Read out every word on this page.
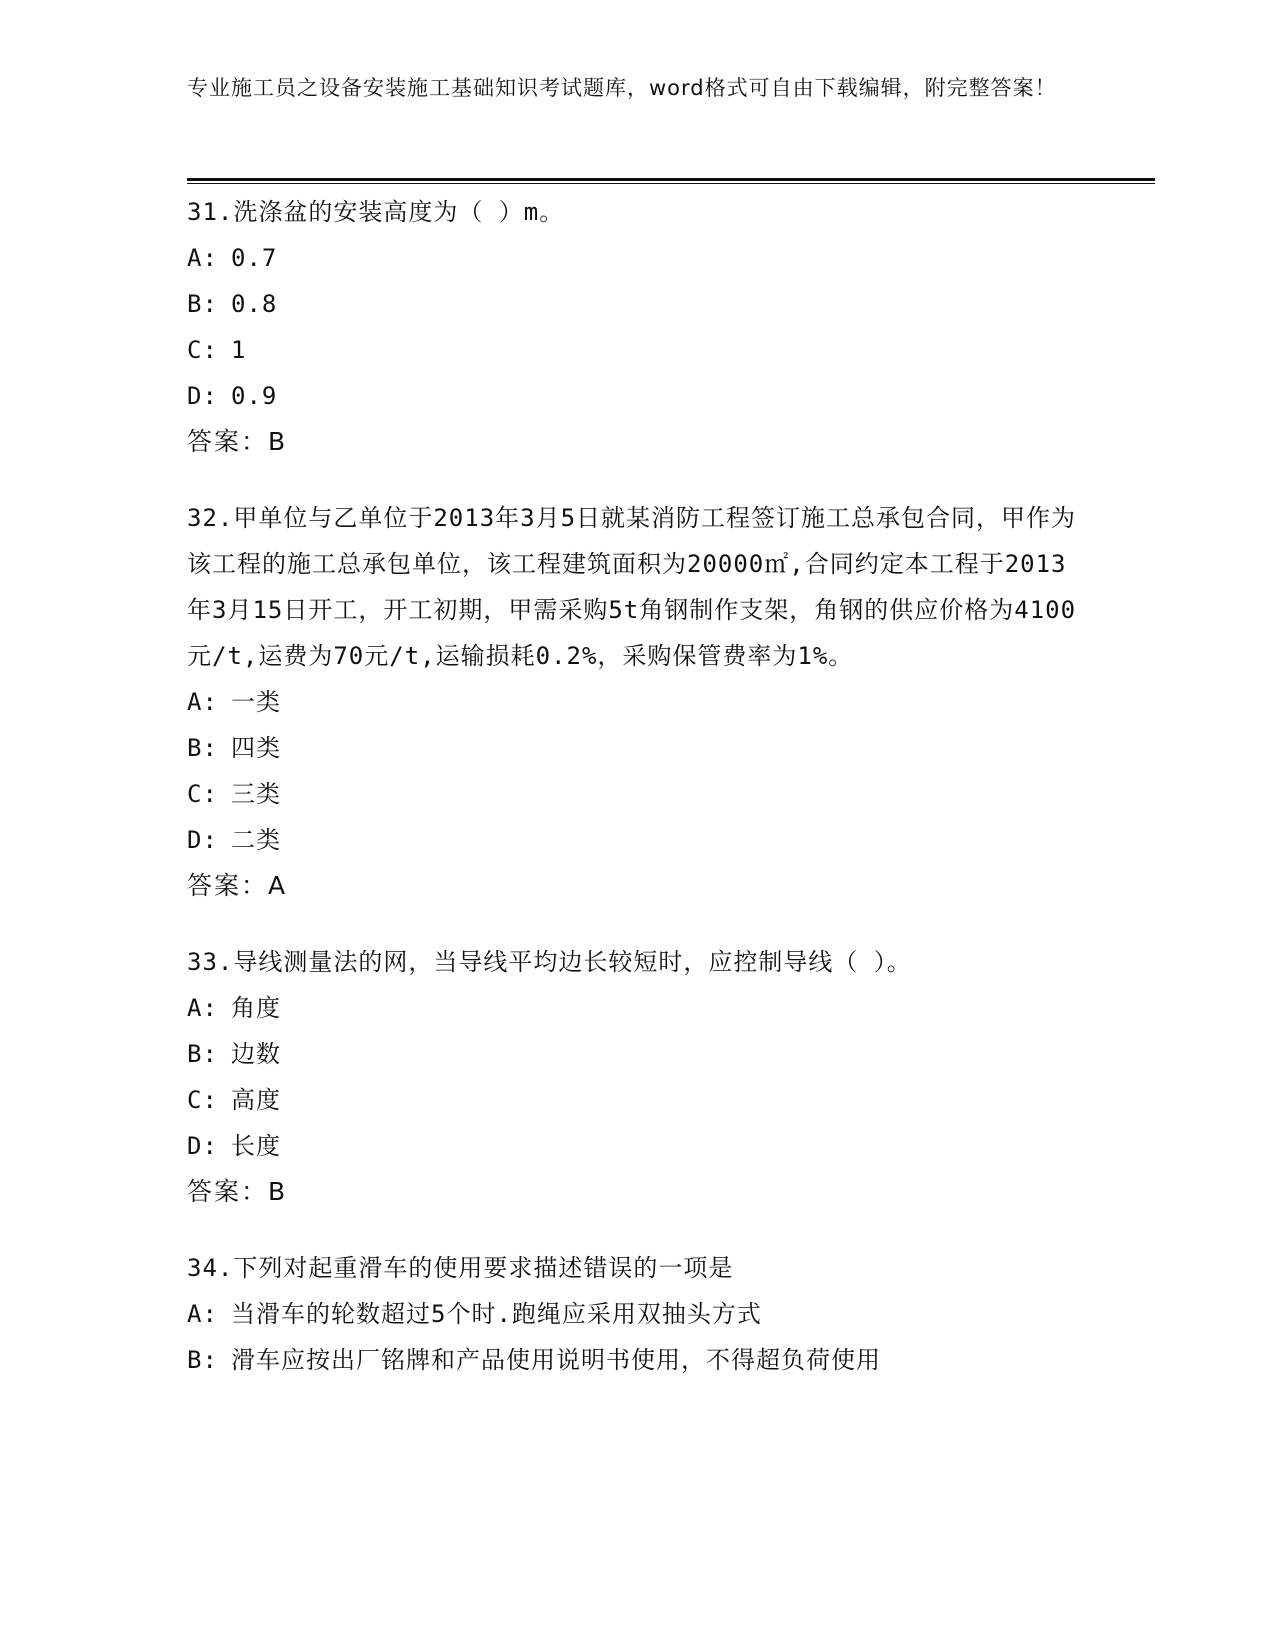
专业施工员之设备安装施工基础知识考试题库，word格式可自由下载编辑，附完整答案！

31.洗涤盆的安装高度为（ ）m。

A: 0.7

B: 0.8

C: 1

D: 0.9

答案：B

32.甲单位与乙单位于2013年3月5日就某消防工程签订施工总承包合同，甲作为该工程的施工总承包单位，该工程建筑面积为20000㎡,合同约定本工程于2013年3月15日开工，开工初期，甲需采购5t角钢制作支架，角钢的供应价格为4100元/t,运费为70元/t,运输损耗0.2%，采购保管费率为1%。

A: 一类

B: 四类

C: 三类

D: 二类

答案：A

33.导线测量法的网，当导线平均边长较短时，应控制导线（ ）。

A: 角度

B: 边数

C: 高度

D: 长度

答案：B

34.下列对起重滑车的使用要求描述错误的一项是

A: 当滑车的轮数超过5个时.跑绳应采用双抽头方式

B: 滑车应按出厂铭牌和产品使用说明书使用，不得超负荷使用
